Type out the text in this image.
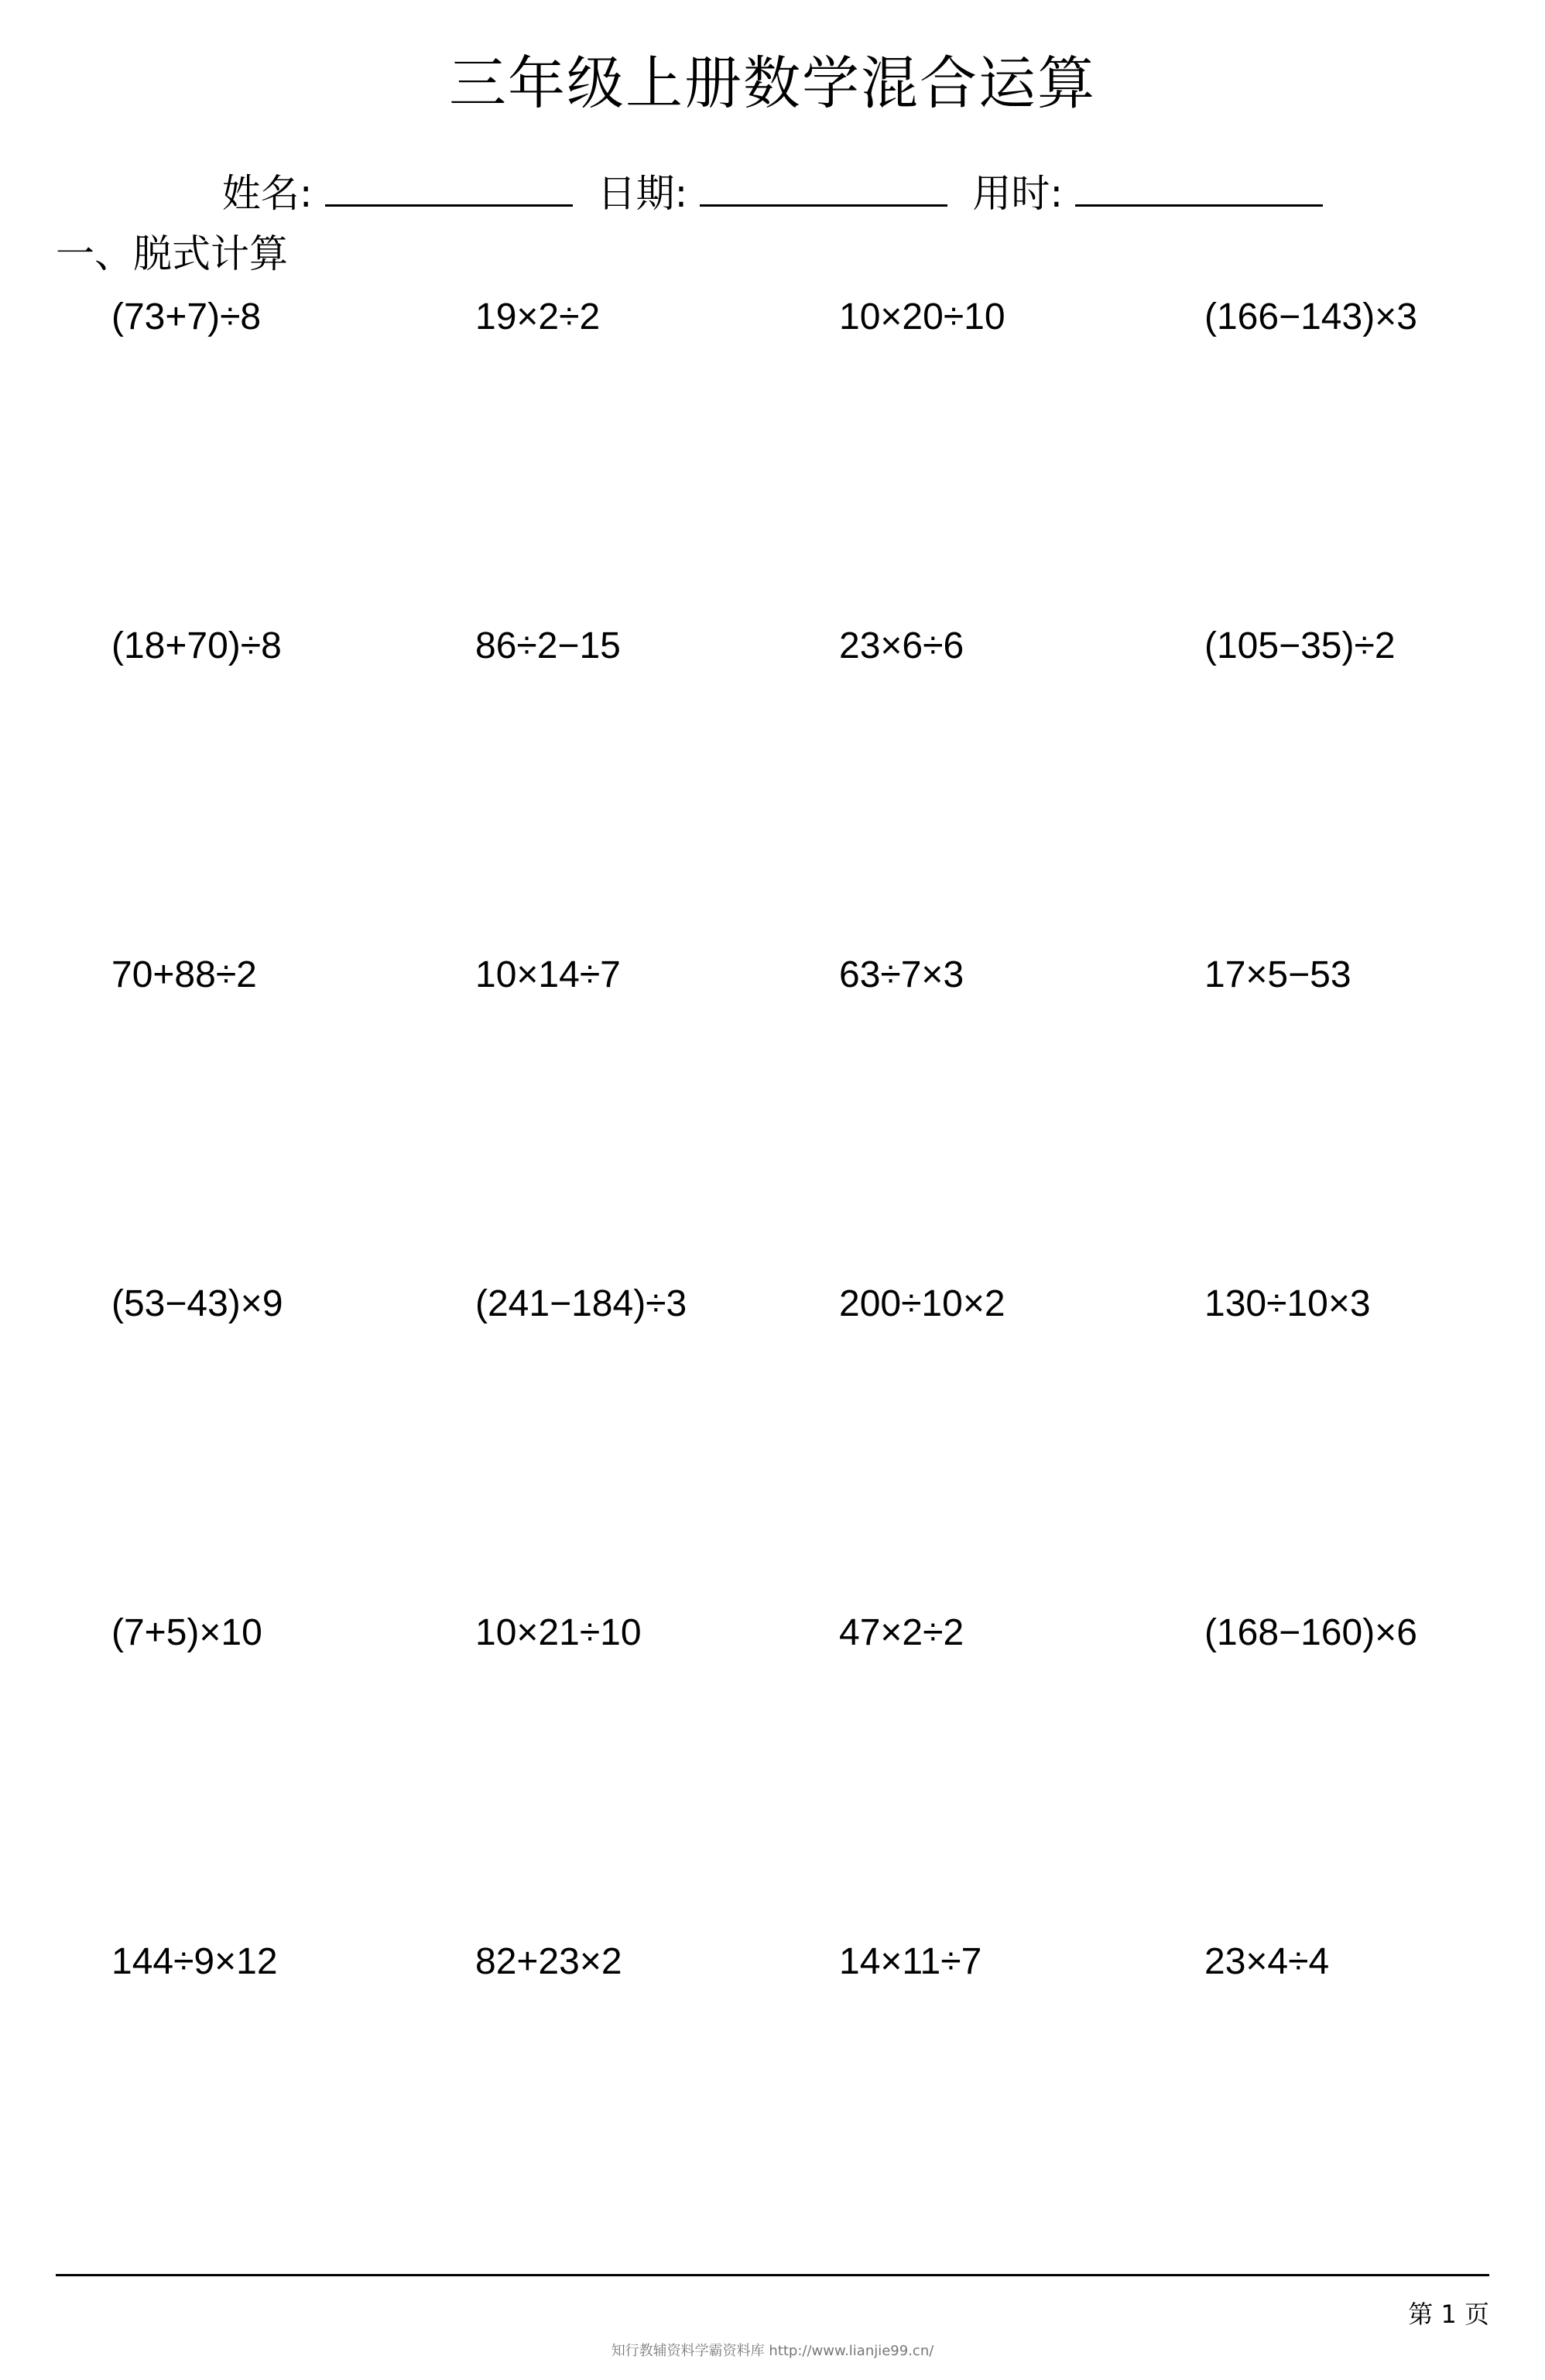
三年级上册数学混合运算
姓名:	日期:	用时:
一、脱式计算
(73+7)÷8	19×2÷2	10×20÷10	(166−143)×3
(18+70)÷8	86÷2−15	23×6÷6	(105−35)÷2
70+88÷2	10×14÷7	63÷7×3	17×5−53
(53−43)×9	(241−184)÷3	200÷10×2	130÷10×3
(7+5)×10	10×21÷10	47×2÷2	(168−160)×6
144÷9×12	82+23×2	14×11÷7	23×4÷4
第 1 页
知行教辅资料学霸资料库 http://www.lianjie99.cn/
